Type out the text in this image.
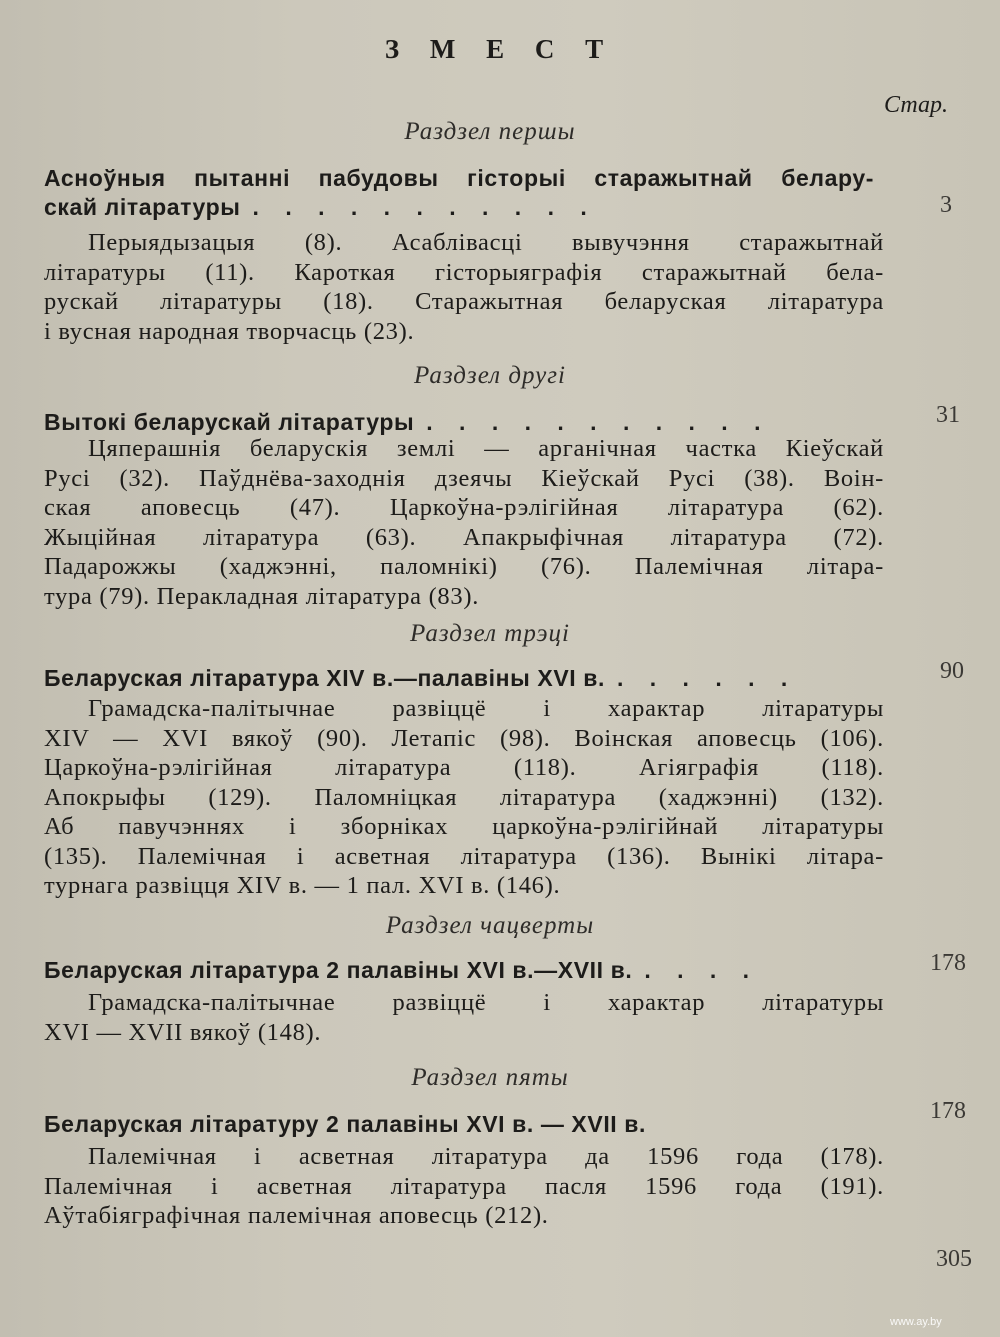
З М Е С Т
Стар.
Раздзел першы
Асноўныя пытанні пабудовы гісторыі старажытнай белару-
скай літаратуры . . . . . . . . . . .	3
Перыядызацыя (8). Асаблівасці вывучэння старажытнай
літаратуры (11). Кароткая гісторыяграфія старажытнай бела-
рускай літаратуры (18). Старажытная беларуская літаратура
і вусная народная творчасць (23).
Раздзел другі
Вытокі беларускай літаратуры . . . . . . . . . . .	31
Цяперашнія беларускія землі — арганічная частка Кіеўскай
Русі (32). Паўднёва-заходнія дзеячы Кіеўскай Русі (38). Воін-
ская аповесць (47). Царкоўна-рэлігійная літаратура (62).
Жыційная літаратура (63). Апакрыфічная літаратура (72).
Падарожжы (хаджэнні, паломнікі) (76). Палемічная літара-
тура (79). Перакладная літаратура (83).
Раздзел трэці
Беларуская літаратура XIV в.—палавіны XVI в. . . . . . .	90
Грамадска-палітычнае развіццё і характар літаратуры
XIV — XVI вякоў (90). Летапіс (98). Воінская аповесць (106).
Царкоўна-рэлігійная літаратура (118). Агіяграфія (118).
Апокрыфы (129). Паломніцкая літаратура (хаджэнні) (132).
Аб павучэннях і зборніках царкоўна-рэлігійнай літаратуры
(135). Палемічная і асветная літаратура (136). Вынікі літара-
турнага развіцця XIV в. — 1 пал. XVI в. (146).
Раздзел чацверты
Беларуская літаратура 2 палавіны XVI в.—XVII в. . . . .	178
Грамадска-палітычнае развіццё і характар літаратуры
XVI — XVII вякоў (148).
Раздзел пяты
Беларуская літаратуру 2 палавіны XVI в. — XVII в.	178
Палемічная і асветная літаратура да 1596 года (178).
Палемічная і асветная літаратура пасля 1596 года (191).
Аўтабіяграфічная палемічная аповесць (212).
305
www.ay.by
